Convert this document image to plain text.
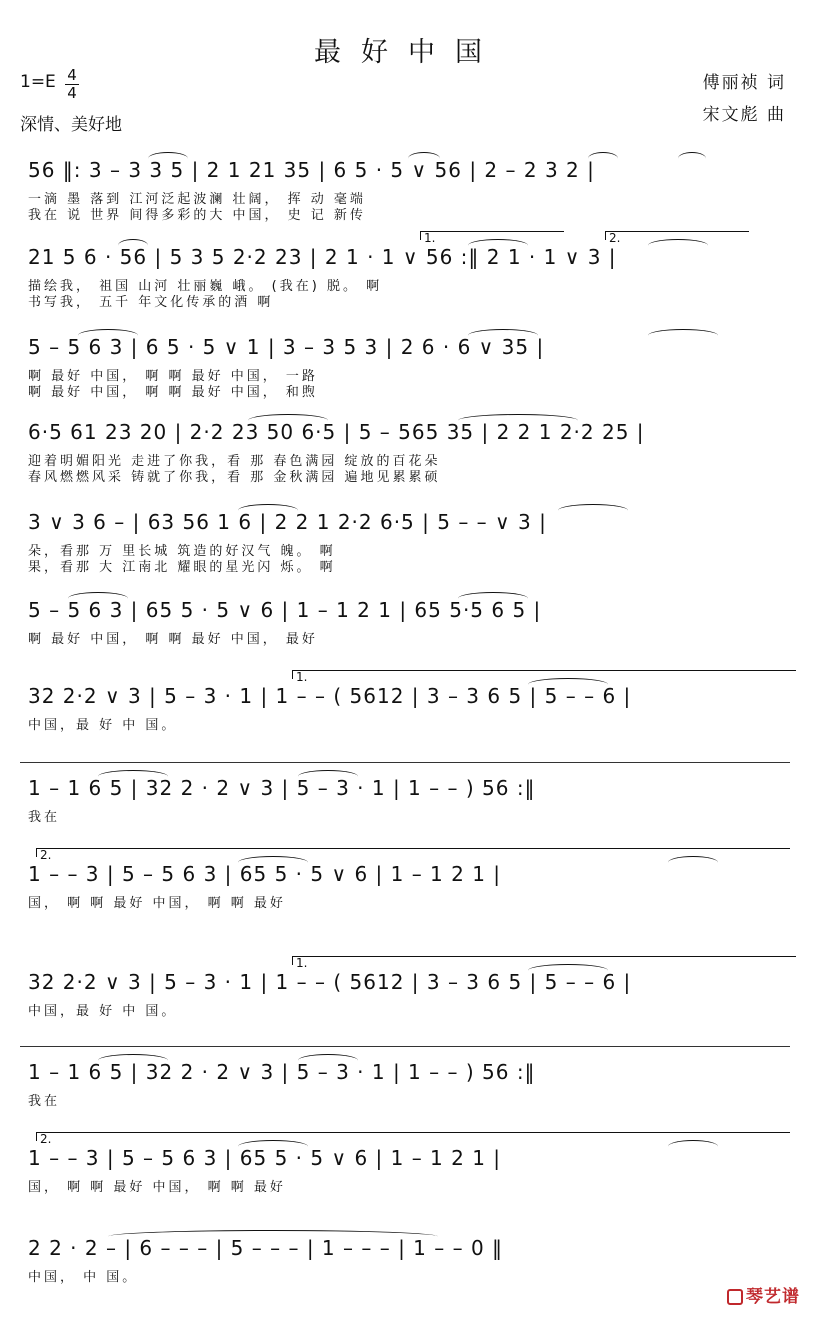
最好中国
1=E 4
4
深情、美好地
傅丽祯 词
宋文彪 曲
56 ‖: 3 – 3 3 5 | 2 1 21 35 | 6 5 · 5 ∨ 56 | 2 – 2 3 2 |
一滴 墨 落到 江河泛起波澜 壮阔， 挥 动 毫端
我在 说 世界 间得多彩的大 中国， 史 记 新传
21 5 6 · 56 | 5 3 5 2·2 23 | 2 1 · 1 ∨ 56 :‖ 2 1 · 1 ∨ 3 |
描绘我， 祖国 山河 壮丽巍 峨。 (我在) 脱。 啊
书写我， 五千 年文化传承的酒 啊
1.	2.
5 – 5 6 3 | 6 5 · 5 ∨ 1 | 3 – 3 5 3 | 2 6 · 6 ∨ 35 |
啊 最好 中国， 啊 啊 最好 中国， 一路
啊 最好 中国， 啊 啊 最好 中国， 和煦
6·5 61 23 20 | 2·2 23 50 6·5 | 5 – 565 35 | 2 2 1 2·2 25 |
迎着明媚阳光 走进了你我，看 那 春色满园 绽放的百花朵
春风燃燃风采 铸就了你我，看 那 金秋满园 遍地见累累硕
3 ∨ 3 6 – | 63 56 1 6 | 2 2 1 2·2 6·5 | 5 – – ∨ 3 |
朵，看那 万 里长城 筑造的好汉气 魄。 啊
果，看那 大 江南北 耀眼的星光闪 烁。 啊
5 – 5 6 3 | 65 5 · 5 ∨ 6 | 1 – 1 2 1 | 65 5·5 6 5 |
啊 最好 中国， 啊 啊 最好 中国， 最好
32 2·2 ∨ 3 | 5 – 3 · 1 | 1 – – ( 5612 | 3 – 3 6 5 | 5 – – 6 |
中国，最 好 中 国。
1.
1 – 1 6 5 | 32 2 · 2 ∨ 3 | 5 – 3 · 1 | 1 – – ) 56 :‖
我在
1 – – 3 | 5 – 5 6 3 | 65 5 · 5 ∨ 6 | 1 – 1 2 1 |
国， 啊 啊 最好 中国， 啊 啊 最好
2.
32 2·2 ∨ 3 | 5 – 3 · 1 | 1 – – ( 5612 | 3 – 3 6 5 | 5 – – 6 |
中国，最 好 中 国。
1.
1 – 1 6 5 | 32 2 · 2 ∨ 3 | 5 – 3 · 1 | 1 – – ) 56 :‖
我在
1 – – 3 | 5 – 5 6 3 | 65 5 · 5 ∨ 6 | 1 – 1 2 1 |
国， 啊 啊 最好 中国， 啊 啊 最好
2.
2 2 · 2 – | 6 – – – | 5 – – – | 1 – – – | 1 – – 0 ‖
中国， 中 国。
琴艺谱
